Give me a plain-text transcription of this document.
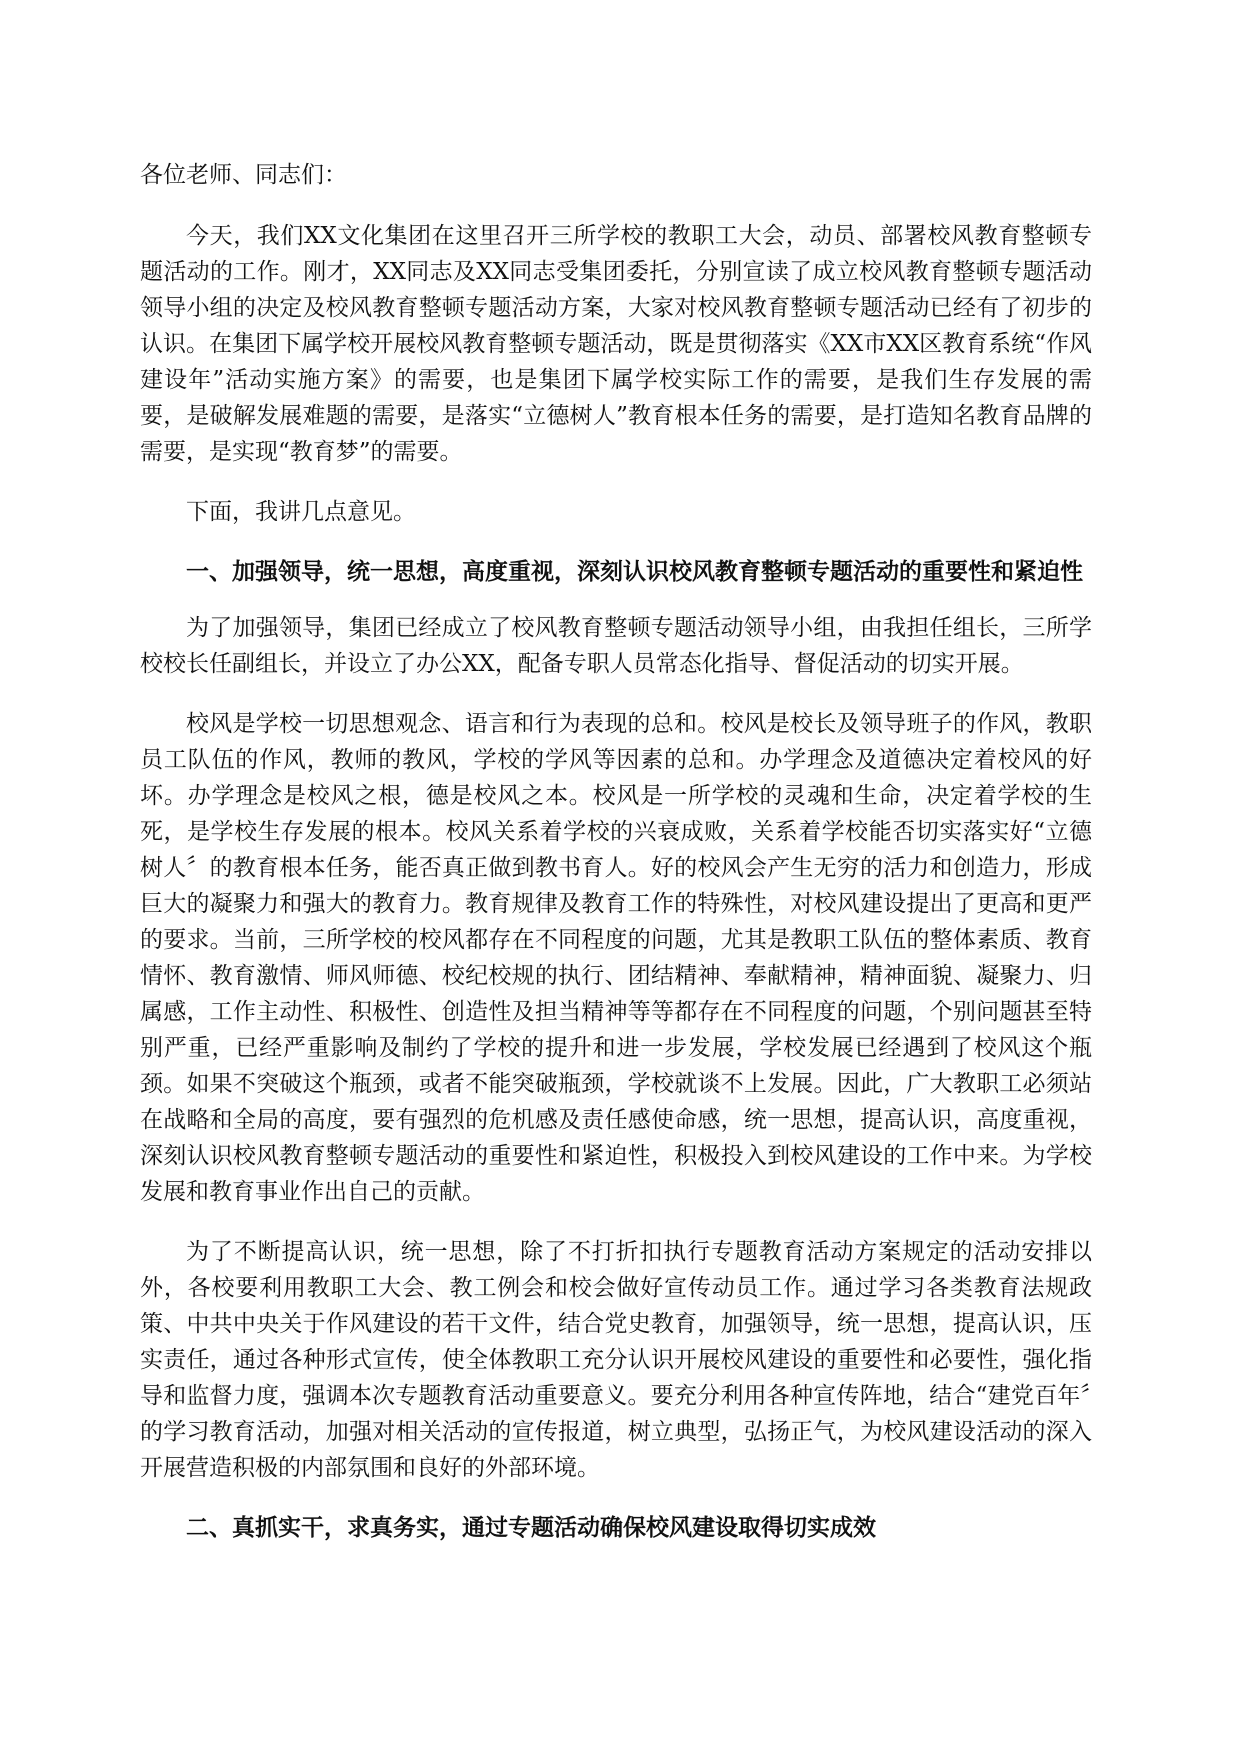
各位老师、同志们：

今天，我们XX文化集团在这里召开三所学校的教职工大会，动员、部署校风教育整顿专题活动的工作。刚才，XX同志及XX同志受集团委托，分别宣读了成立校风教育整顿专题活动领导小组的决定及校风教育整顿专题活动方案，大家对校风教育整顿专题活动已经有了初步的认识。在集团下属学校开展校风教育整顿专题活动，既是贯彻落实《XX市XX区教育系统“作风建设年”活动实施方案》的需要，也是集团下属学校实际工作的需要，是我们生存发展的需要，是破解发展难题的需要，是落实“立德树人”教育根本任务的需要，是打造知名教育品牌的需要，是实现“教育梦”的需要。

下面，我讲几点意见。

一、加强领导，统一思想，高度重视，深刻认识校风教育整顿专题活动的重要性和紧迫性

为了加强领导，集团已经成立了校风教育整顿专题活动领导小组，由我担任组长，三所学校校长任副组长，并设立了办公XX，配备专职人员常态化指导、督促活动的切实开展。

校风是学校一切思想观念、语言和行为表现的总和。校风是校长及领导班子的作风，教职员工队伍的作风，教师的教风，学校的学风等因素的总和。办学理念及道德决定着校风的好坏。办学理念是校风之根，德是校风之本。校风是一所学校的灵魂和生命，决定着学校的生死，是学校生存发展的根本。校风关系着学校的兴衰成败，关系着学校能否切实落实好“立德树人〞的教育根本任务，能否真正做到教书育人。好的校风会产生无穷的活力和创造力，形成巨大的凝聚力和强大的教育力。教育规律及教育工作的特殊性，对校风建设提出了更高和更严的要求。当前，三所学校的校风都存在不同程度的问题，尤其是教职工队伍的整体素质、教育情怀、教育激情、师风师德、校纪校规的执行、团结精神、奉献精神，精神面貌、凝聚力、归属感，工作主动性、积极性、创造性及担当精神等等都存在不同程度的问题，个别问题甚至特别严重，已经严重影响及制约了学校的提升和进一步发展，学校发展已经遇到了校风这个瓶颈。如果不突破这个瓶颈，或者不能突破瓶颈，学校就谈不上发展。因此，广大教职工必须站在战略和全局的高度，要有强烈的危机感及责任感使命感，统一思想，提高认识，高度重视，深刻认识校风教育整顿专题活动的重要性和紧迫性，积极投入到校风建设的工作中来。为学校发展和教育事业作出自己的贡献。

为了不断提高认识，统一思想，除了不打折扣执行专题教育活动方案规定的活动安排以外，各校要利用教职工大会、教工例会和校会做好宣传动员工作。通过学习各类教育法规政策、中共中央关于作风建设的若干文件，结合党史教育，加强领导，统一思想，提高认识，压实责任，通过各种形式宣传，使全体教职工充分认识开展校风建设的重要性和必要性，强化指导和监督力度，强调本次专题教育活动重要意义。要充分利用各种宣传阵地，结合“建党百年〞的学习教育活动，加强对相关活动的宣传报道，树立典型，弘扬正气，为校风建设活动的深入开展营造积极的内部氛围和良好的外部环境。

二、真抓实干，求真务实，通过专题活动确保校风建设取得切实成效
